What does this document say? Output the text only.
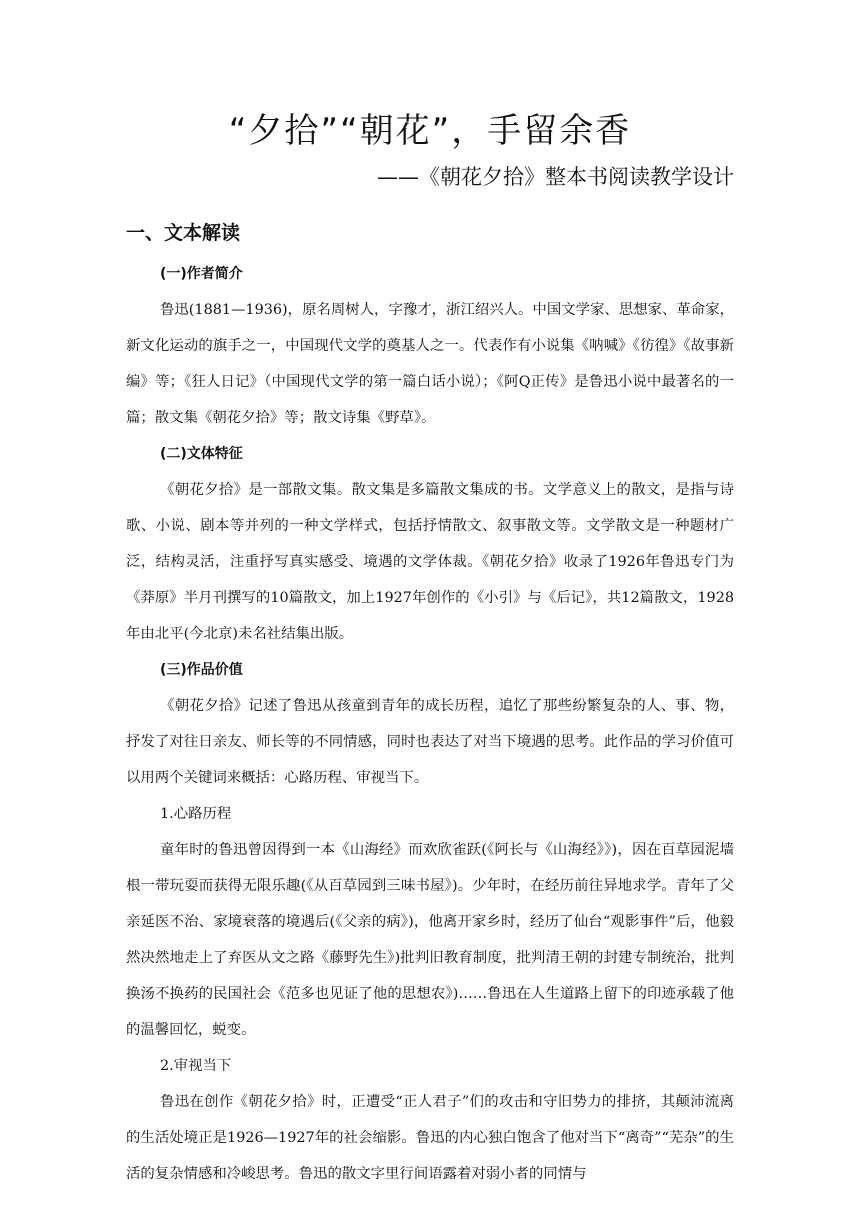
“夕拾”“朝花”，手留余香
——《朝花夕拾》整本书阅读教学设计
一、文本解读
(一)作者简介

鲁迅(1881—1936)，原名周树人，字豫才，浙江绍兴人。中国文学家、思想家、革命家，新文化运动的旗手之一，中国现代文学的奠基人之一。代表作有小说集《呐喊》《彷徨》《故事新编》等；《狂人日记》（中国现代文学的第一篇白话小说）；《阿Q正传》是鲁迅小说中最著名的一篇；散文集《朝花夕拾》等；散文诗集《野草》。

(二)文体特征

《朝花夕拾》是一部散文集。散文集是多篇散文集成的书。文学意义上的散文，是指与诗歌、小说、剧本等并列的一种文学样式，包括抒情散文、叙事散文等。文学散文是一种题材广泛，结构灵活，注重抒写真实感受、境遇的文学体裁。《朝花夕拾》收录了1926年鲁迅专门为《莽原》半月刊撰写的10篇散文，加上1927年创作的《小引》与《后记》，共12篇散文，1928年由北平(今北京)未名社结集出版。

(三)作品价值

《朝花夕拾》记述了鲁迅从孩童到青年的成长历程，追忆了那些纷繁复杂的人、事、物，抒发了对往日亲友、师长等的不同情感，同时也表达了对当下境遇的思考。此作品的学习价值可以用两个关键词来概括：心路历程、审视当下。

1.心路历程

童年时的鲁迅曾因得到一本《山海经》而欢欣雀跃(《阿长与《山海经》》)，因在百草园泥墙根一带玩耍而获得无限乐趣(《从百草园到三味书屋》)。少年时，在经历前往异地求学。青年了父亲延医不治、家境衰落的境遇后(《父亲的病》)，他离开家乡时，经历了仙台“观影事件”后，他毅然决然地走上了弃医从文之路《藤野先生》)批判旧教育制度，批判清王朝的封建专制统治，批判换汤不换药的民国社会《范多也见证了他的思想农》)……鲁迅在人生道路上留下的印迹承载了他的温馨回忆，蜕变。

2.审视当下

鲁迅在创作《朝花夕拾》时，正遭受“正人君子”们的攻击和守旧势力的排挤，其颠沛流离的生活处境正是1926—1927年的社会缩影。鲁迅的内心独白饱含了他对当下“离奇”“芜杂”的生活的复杂情感和冷峻思考。鲁迅的散文字里行间语露着对弱小者的同情与
